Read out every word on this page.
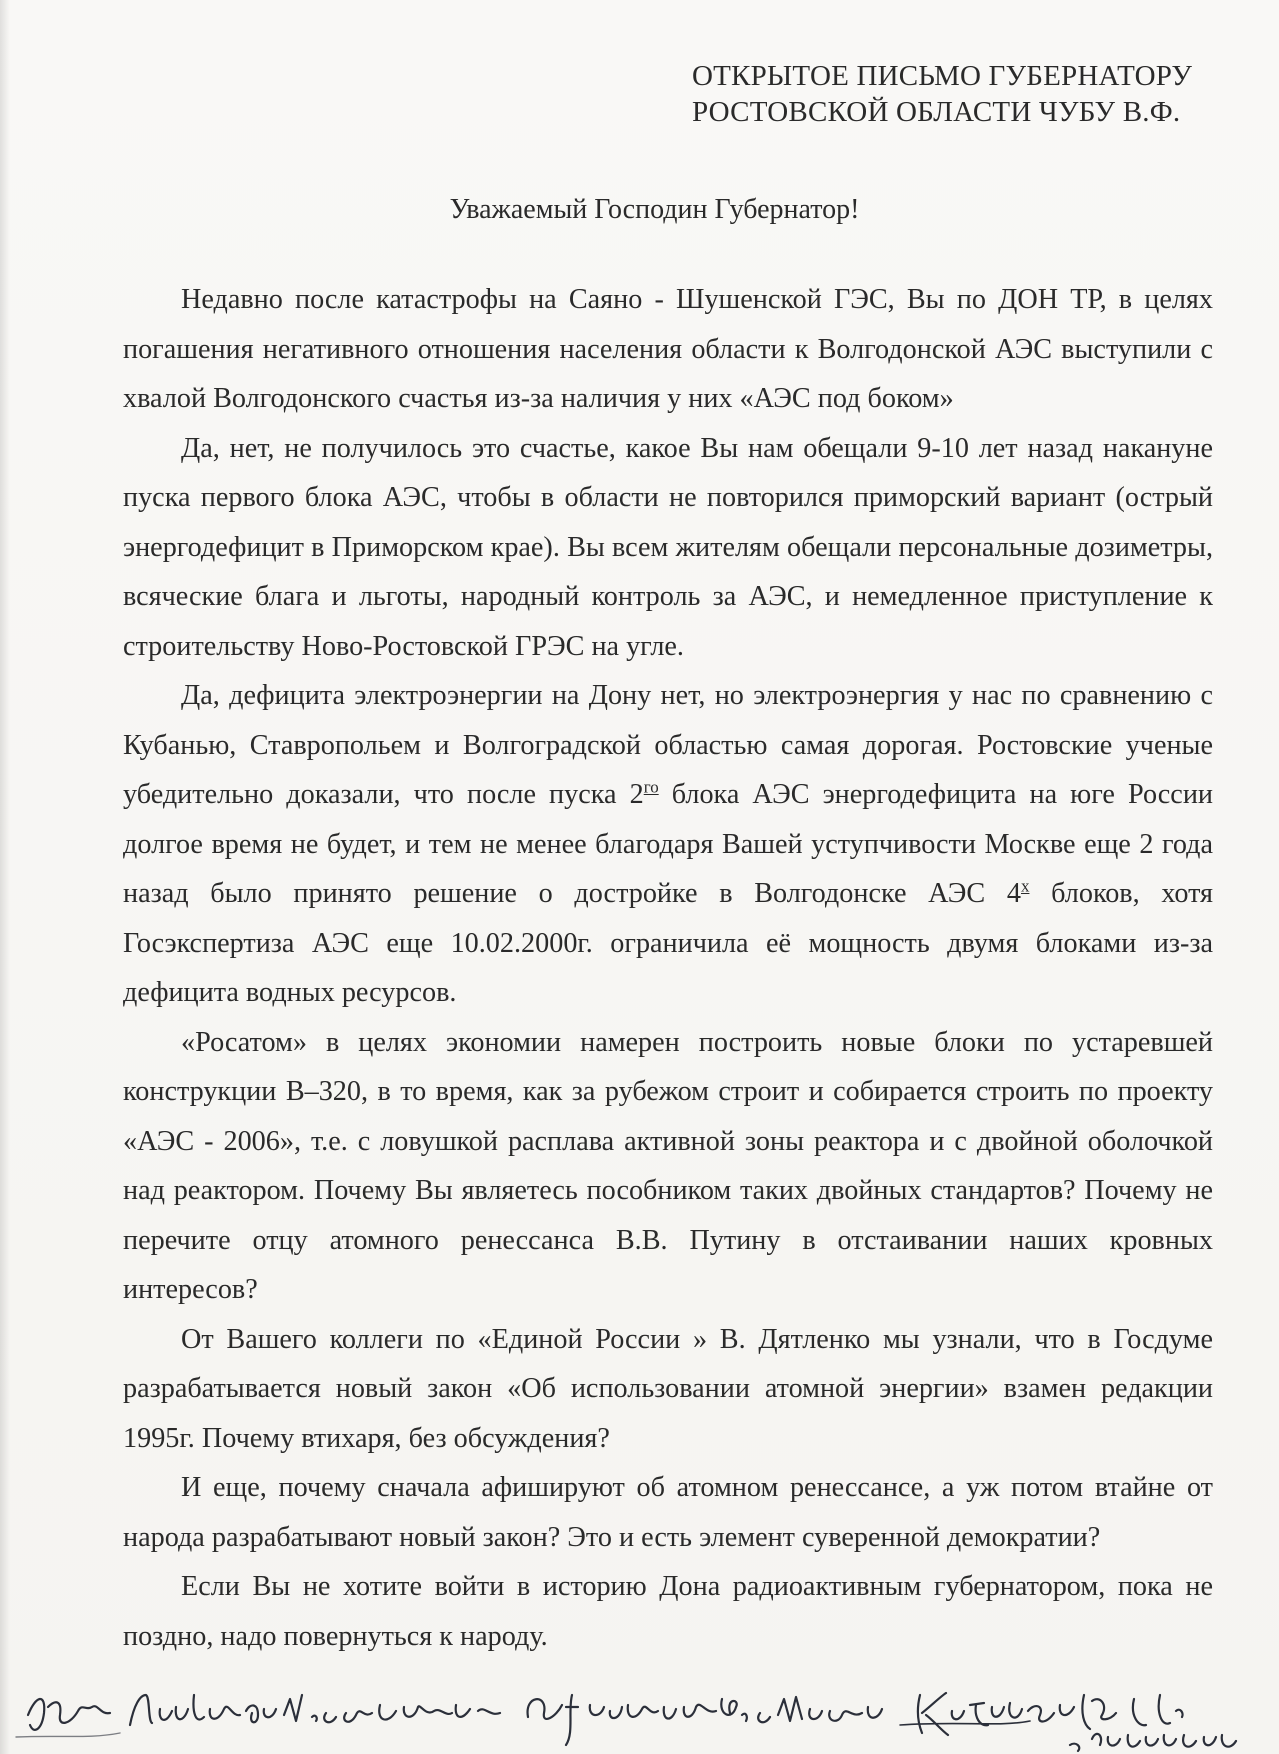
ОТКРЫТОЕ ПИСЬМО ГУБЕРНАТОРУ
РОСТОВСКОЙ ОБЛАСТИ ЧУБУ В.Ф.
Уважаемый Господин Губернатор!

Недавно после катастрофы на Саяно - Шушенской ГЭС, Вы по ДОН ТР, в целях погашения негативного отношения населения области к Волгодонской АЭС выступили с хвалой Волгодонского счастья из-за наличия у них «АЭС под боком»

Да, нет, не получилось это счастье, какое Вы нам обещали 9-10 лет назад накануне пуска первого блока АЭС, чтобы в области не повторился приморский вариант (острый энергодефицит в Приморском крае). Вы всем жителям обещали персональные дозиметры, всяческие блага и льготы, народный контроль за АЭС, и немедленное приступление к строительству Ново-Ростовской ГРЭС на угле.

Да, дефицита электроэнергии на Дону нет, но электроэнергия у нас по сравнению с Кубанью, Ставропольем и Волгоградской областью самая дорогая. Ростовские ученые убедительно доказали, что после пуска $2^{го}$ блока АЭС энергодефицита на юге России долгое время не будет, и тем не менее благодаря Вашей уступчивости Москве еще 2 года назад было принято решение о достройке в Волгодонске АЭС $4^х$ блоков, хотя Госэкспертиза АЭС еще 10.02.2000г. ограничила её мощность двумя блоками из-за дефицита водных ресурсов.

«Росатом» в целях экономии намерен построить новые блоки по устаревшей конструкции В–320, в то время, как за рубежом строит и собирается строить по проекту «АЭС - 2006», т.е. с ловушкой расплава активной зоны реактора и с двойной оболочкой над реактором. Почему Вы являетесь пособником таких двойных стандартов? Почему не перечите отцу атомного ренессанса В.В. Путину в отстаивании наших кровных интересов?

От Вашего коллеги по «Единой России » В. Дятленко мы узнали, что в Госдуме разрабатывается новый закон «Об использовании атомной энергии» взамен редакции 1995г. Почему втихаря, без обсуждения?

И еще, почему сначала афишируют об атомном ренессансе, а уж потом втайне от народа разрабатывают новый закон? Это и есть элемент суверенной демократии?

Если Вы не хотите войти в историю Дона радиоактивным губернатором, пока не поздно, надо повернуться к народу.
